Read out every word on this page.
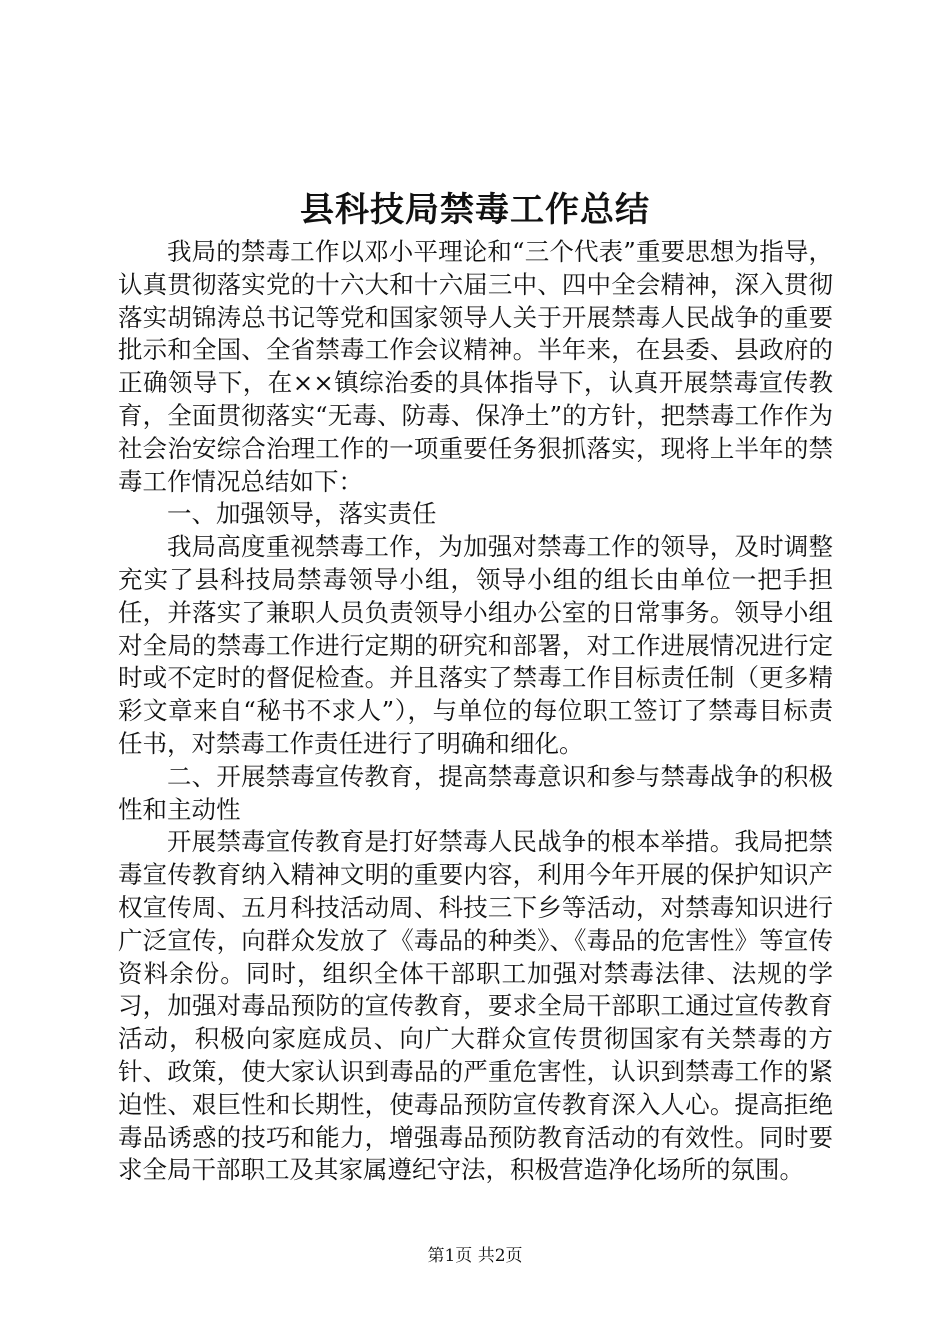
县科技局禁毒工作总结

我局的禁毒工作以邓小平理论和“三个代表”重要思想为指导，认真贯彻落实党的十六大和十六届三中、四中全会精神，深入贯彻落实胡锦涛总书记等党和国家领导人关于开展禁毒人民战争的重要批示和全国、全省禁毒工作会议精神。半年来，在县委、县政府的正确领导下，在××镇综治委的具体指导下，认真开展禁毒宣传教育，全面贯彻落实“无毒、防毒、保净土”的方针，把禁毒工作作为社会治安综合治理工作的一项重要任务狠抓落实，现将上半年的禁毒工作情况总结如下：

一、加强领导，落实责任

我局高度重视禁毒工作，为加强对禁毒工作的领导，及时调整充实了县科技局禁毒领导小组，领导小组的组长由单位一把手担任，并落实了兼职人员负责领导小组办公室的日常事务。领导小组对全局的禁毒工作进行定期的研究和部署，对工作进展情况进行定时或不定时的督促检查。并且落实了禁毒工作目标责任制（更多精彩文章来自“秘书不求人”），与单位的每位职工签订了禁毒目标责任书，对禁毒工作责任进行了明确和细化。

二、开展禁毒宣传教育，提高禁毒意识和参与禁毒战争的积极性和主动性

开展禁毒宣传教育是打好禁毒人民战争的根本举措。我局把禁毒宣传教育纳入精神文明的重要内容，利用今年开展的保护知识产权宣传周、五月科技活动周、科技三下乡等活动，对禁毒知识进行广泛宣传，向群众发放了《毒品的种类》、《毒品的危害性》等宣传资料余份。同时，组织全体干部职工加强对禁毒法律、法规的学习，加强对毒品预防的宣传教育，要求全局干部职工通过宣传教育活动，积极向家庭成员、向广大群众宣传贯彻国家有关禁毒的方针、政策，使大家认识到毒品的严重危害性，认识到禁毒工作的紧迫性、艰巨性和长期性，使毒品预防宣传教育深入人心。提高拒绝毒品诱惑的技巧和能力，增强毒品预防教育活动的有效性。同时要求全局干部职工及其家属遵纪守法，积极营造净化场所的氛围。

第1页 共2页
